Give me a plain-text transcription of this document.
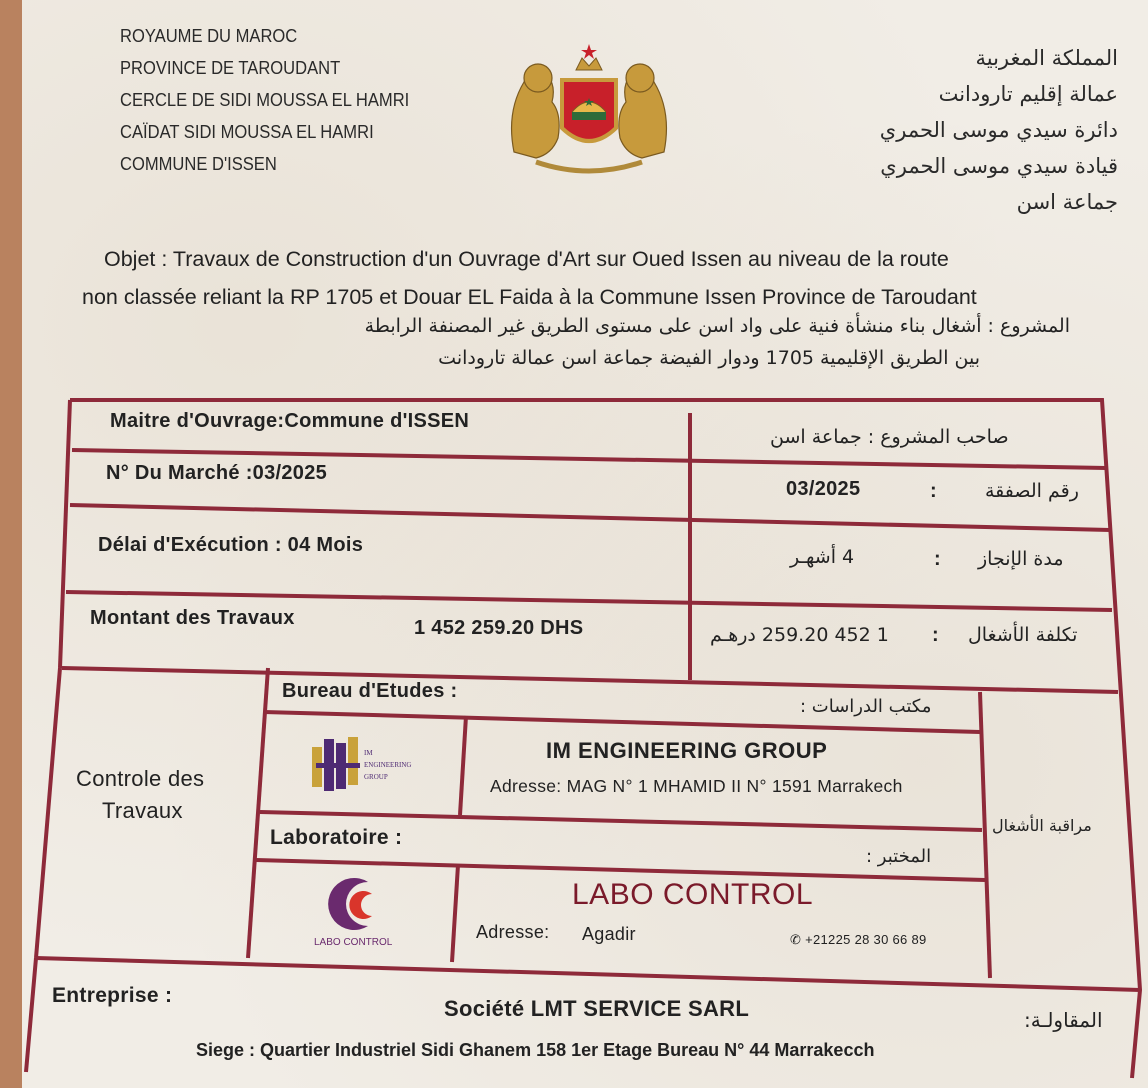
ROYAUME DU MAROC
PROVINCE DE TAROUDANT
CERCLE DE SIDI MOUSSA EL HAMRI
CAÏDAT SIDI MOUSSA EL HAMRI
COMMUNE D'ISSEN
المملكة المغربية
عمالة إقليم تارودانت
دائرة سيدي موسى الحمري
قيادة سيدي موسى الحمري
جماعة اسن
Objet : Travaux de Construction d'un Ouvrage d'Art sur Oued Issen au niveau de la route
non classée reliant la RP 1705 et Douar EL Faida à la Commune Issen Province de Taroudant
المشروع : أشغال بناء منشأة فنية على واد اسن على مستوى الطريق غير المصنفة الرابطة
بين الطريق الإقليمية 1705 ودوار الفيضة جماعة اسن عمالة تارودانت
Maitre d'Ouvrage:Commune d'ISSEN
صاحب المشروع : جماعة اسن
N° Du Marché :03/2025
03/2025	:	رقم الصفقة
Délai d'Exécution : 04 Mois
4 أشهـر	: مدة الإنجاز
Montant des Travaux	1 452 259.20 DHS	1 452 259.20 درهـم : تكلفة الأشغال
Controle des
Travaux
مراقبة الأشغال
Bureau d'Etudes :
مكتب الدراسات :
IM
ENGINEERING
GROUP
IM ENGINEERING GROUP
Adresse: MAG N° 1 MHAMID II N° 1591 Marrakech
Laboratoire :
المختبر :
LABO CONTROL
LABO CONTROL
Adresse: Agadir	✆ +21225 28 30 66 89
Entreprise :
Société LMT SERVICE SARL	المقاولـة:
Siege : Quartier Industriel Sidi Ghanem 158 1er Etage Bureau N° 44 Marrakecch
